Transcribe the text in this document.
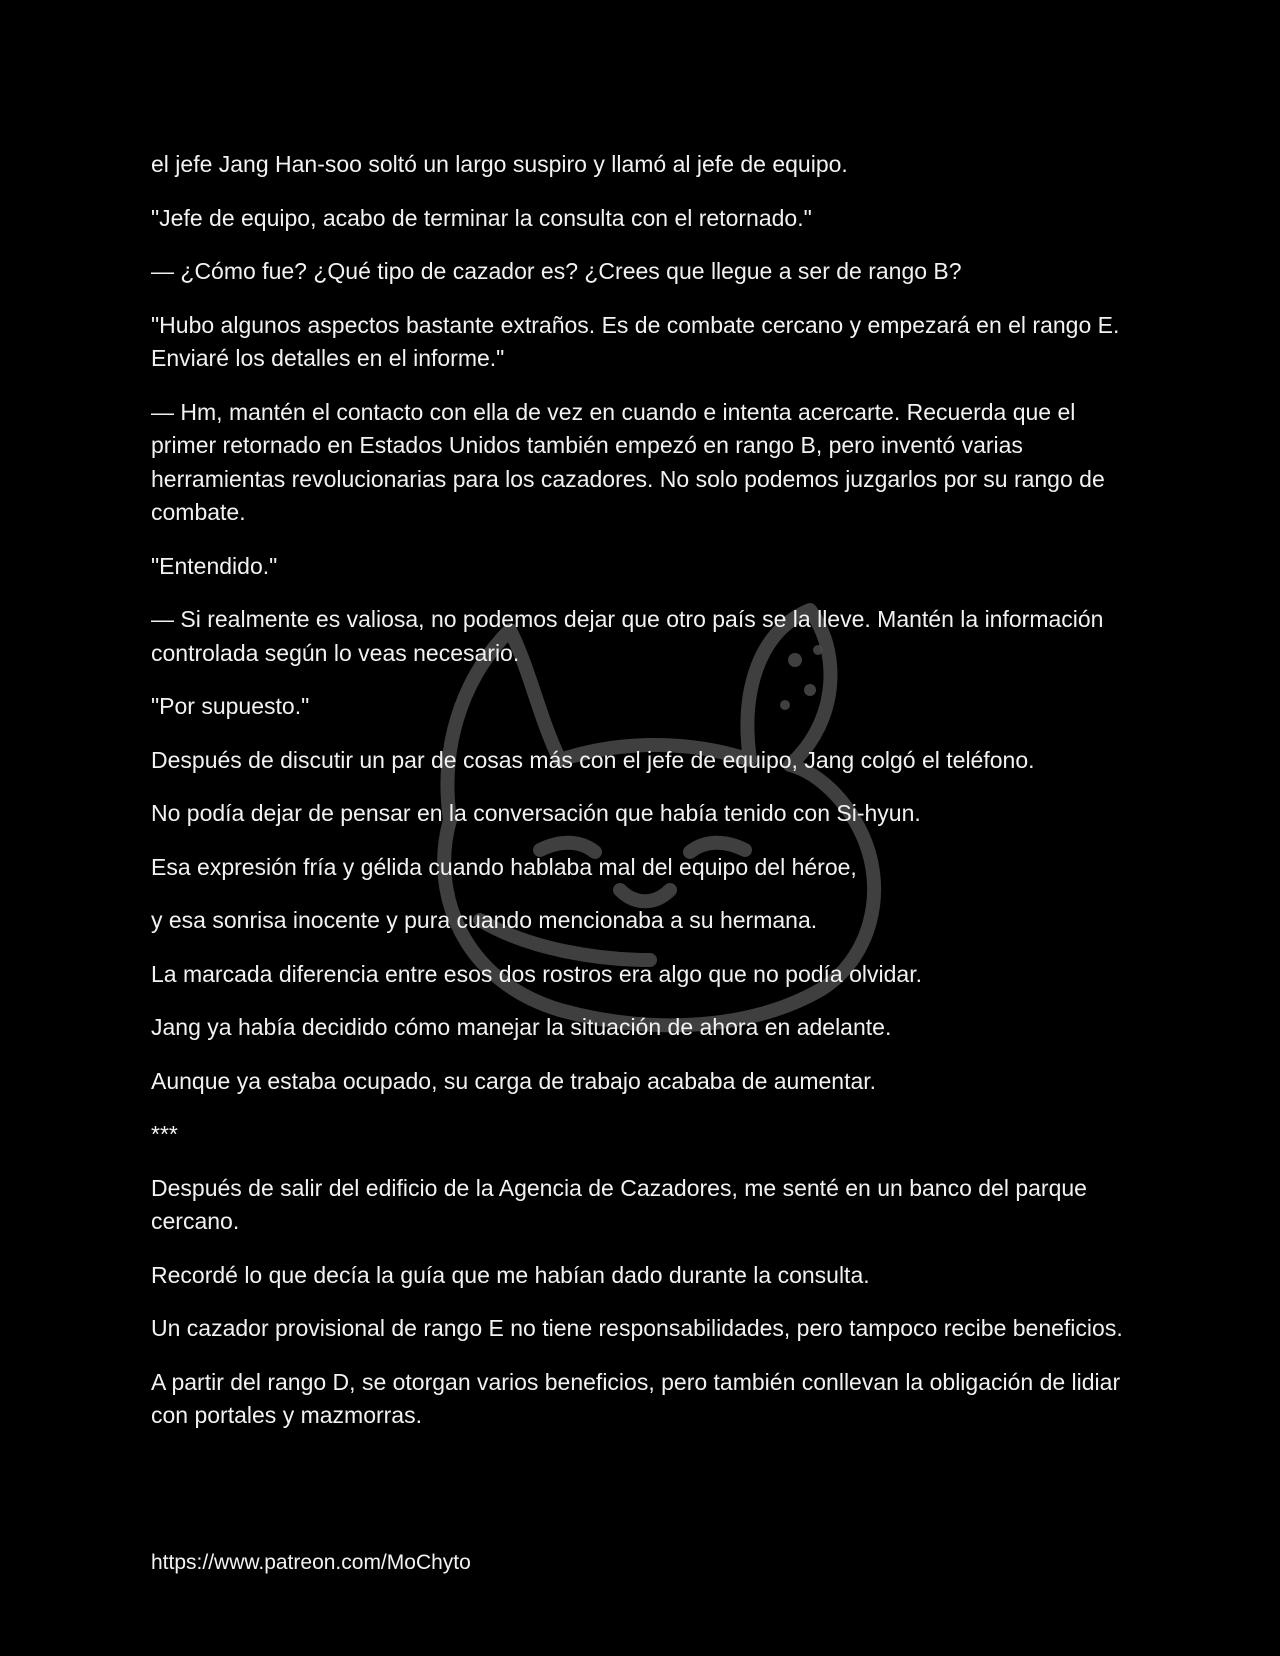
el jefe Jang Han-soo soltó un largo suspiro y llamó al jefe de equipo.

"Jefe de equipo, acabo de terminar la consulta con el retornado."

— ¿Cómo fue? ¿Qué tipo de cazador es? ¿Crees que llegue a ser de rango B?

"Hubo algunos aspectos bastante extraños. Es de combate cercano y empezará en el rango E. Enviaré los detalles en el informe."

— Hm, mantén el contacto con ella de vez en cuando e intenta acercarte. Recuerda que el primer retornado en Estados Unidos también empezó en rango B, pero inventó varias herramientas revolucionarias para los cazadores. No solo podemos juzgarlos por su rango de combate.

"Entendido."

— Si realmente es valiosa, no podemos dejar que otro país se la lleve. Mantén la información controlada según lo veas necesario.

"Por supuesto."

Después de discutir un par de cosas más con el jefe de equipo, Jang colgó el teléfono.

No podía dejar de pensar en la conversación que había tenido con Si-hyun.

Esa expresión fría y gélida cuando hablaba mal del equipo del héroe,

y esa sonrisa inocente y pura cuando mencionaba a su hermana.

La marcada diferencia entre esos dos rostros era algo que no podía olvidar.

Jang ya había decidido cómo manejar la situación de ahora en adelante.

Aunque ya estaba ocupado, su carga de trabajo acababa de aumentar.

***

Después de salir del edificio de la Agencia de Cazadores, me senté en un banco del parque cercano.

Recordé lo que decía la guía que me habían dado durante la consulta.

Un cazador provisional de rango E no tiene responsabilidades, pero tampoco recibe beneficios.

A partir del rango D, se otorgan varios beneficios, pero también conllevan la obligación de lidiar con portales y mazmorras.

https://www.patreon.com/MoChyto
